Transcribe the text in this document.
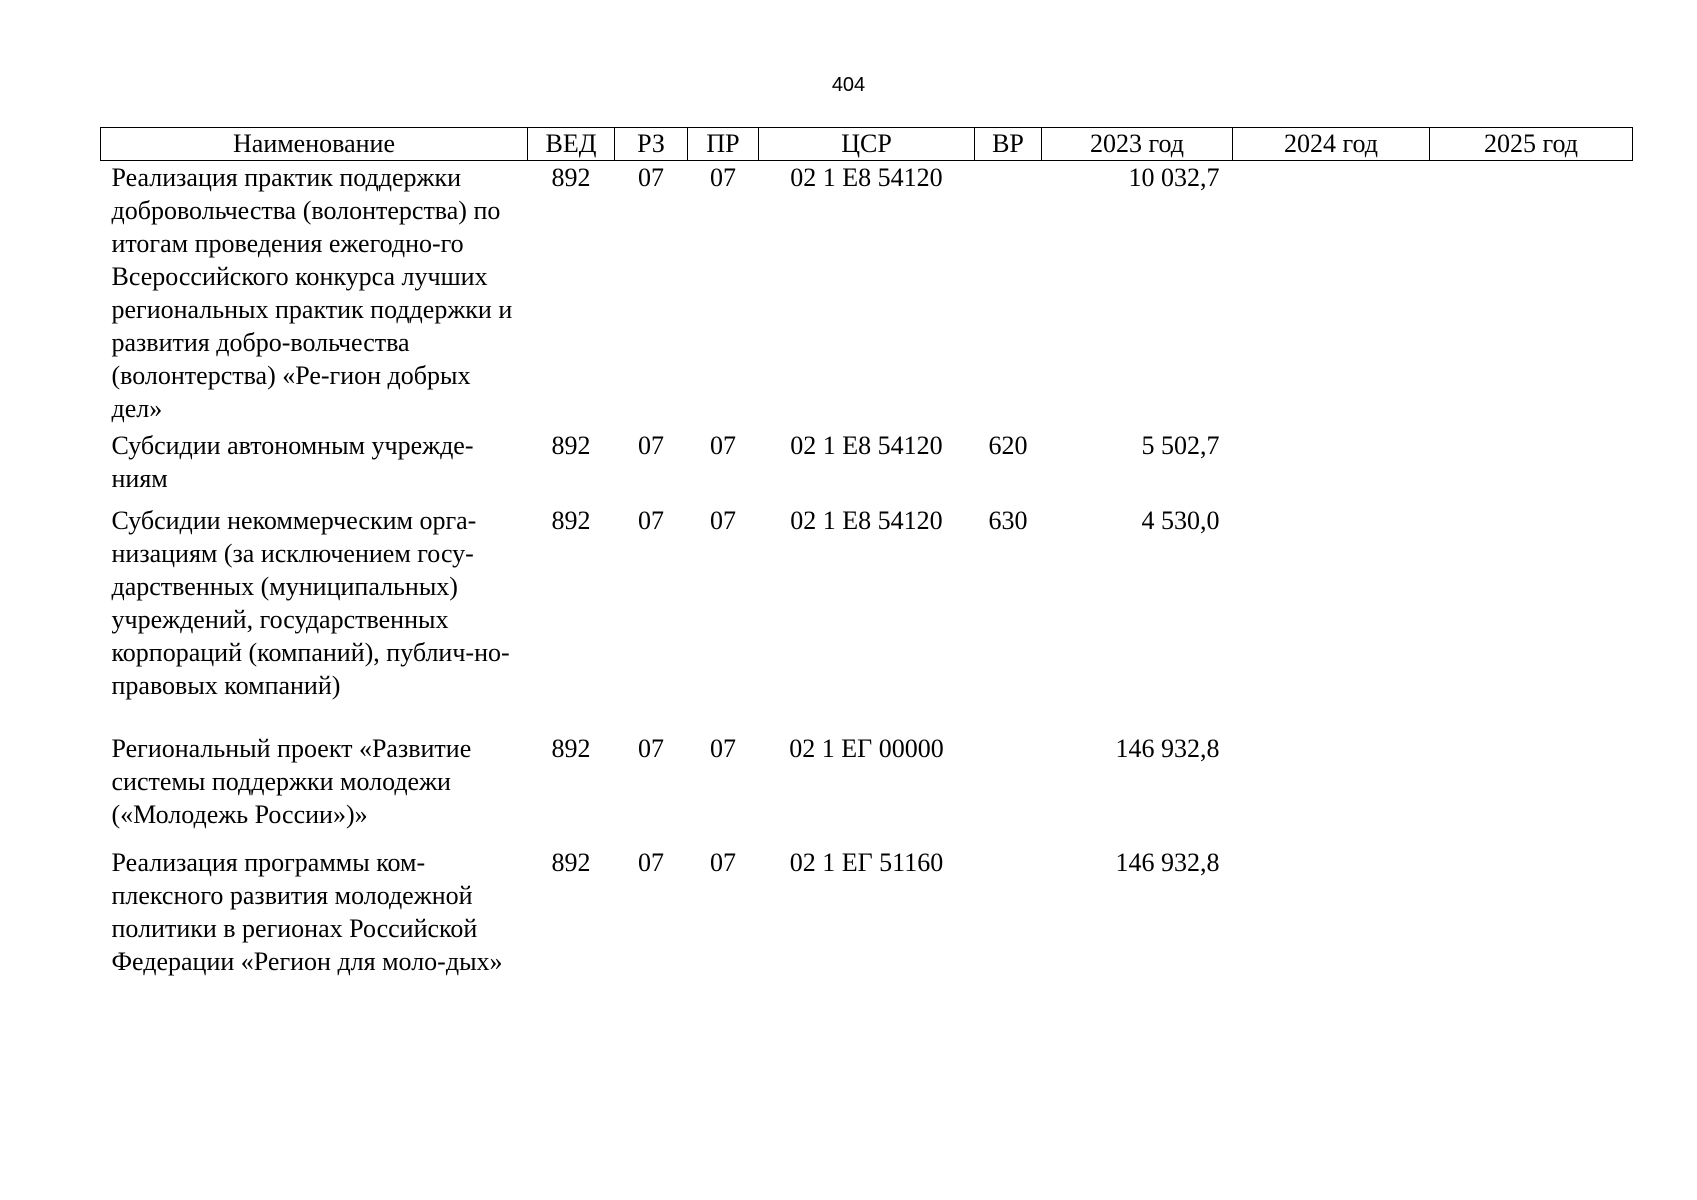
404
Наименование	ВЕД	РЗ	ПР	ЦСР	ВР	2023 год	2024 год	2025 год
Реализация практик поддержки добровольчества (волонтерства) по итогам проведения ежегодно-го Всероссийского конкурса лучших региональных практик поддержки и развития добро-вольчества (волонтерства) «Ре-гион добрых дел»	892	07	07	02 1 Е8 54120		10 032,7		
Субсидии автономным учрежде-ниям	892	07	07	02 1 Е8 54120	620	5 502,7		
Субсидии некоммерческим орга-низациям (за исключением госу-дарственных (муниципальных) учреждений, государственных корпораций (компаний), публич-но-правовых компаний)	892	07	07	02 1 Е8 54120	630	4 530,0		
Региональный проект «Развитие системы поддержки молодежи («Молодежь России»)»	892	07	07	02 1 ЕГ 00000		146 932,8		
Реализация программы ком-плексного развития молодежной политики в регионах Российской Федерации «Регион для моло-дых»	892	07	07	02 1 ЕГ 51160		146 932,8		
